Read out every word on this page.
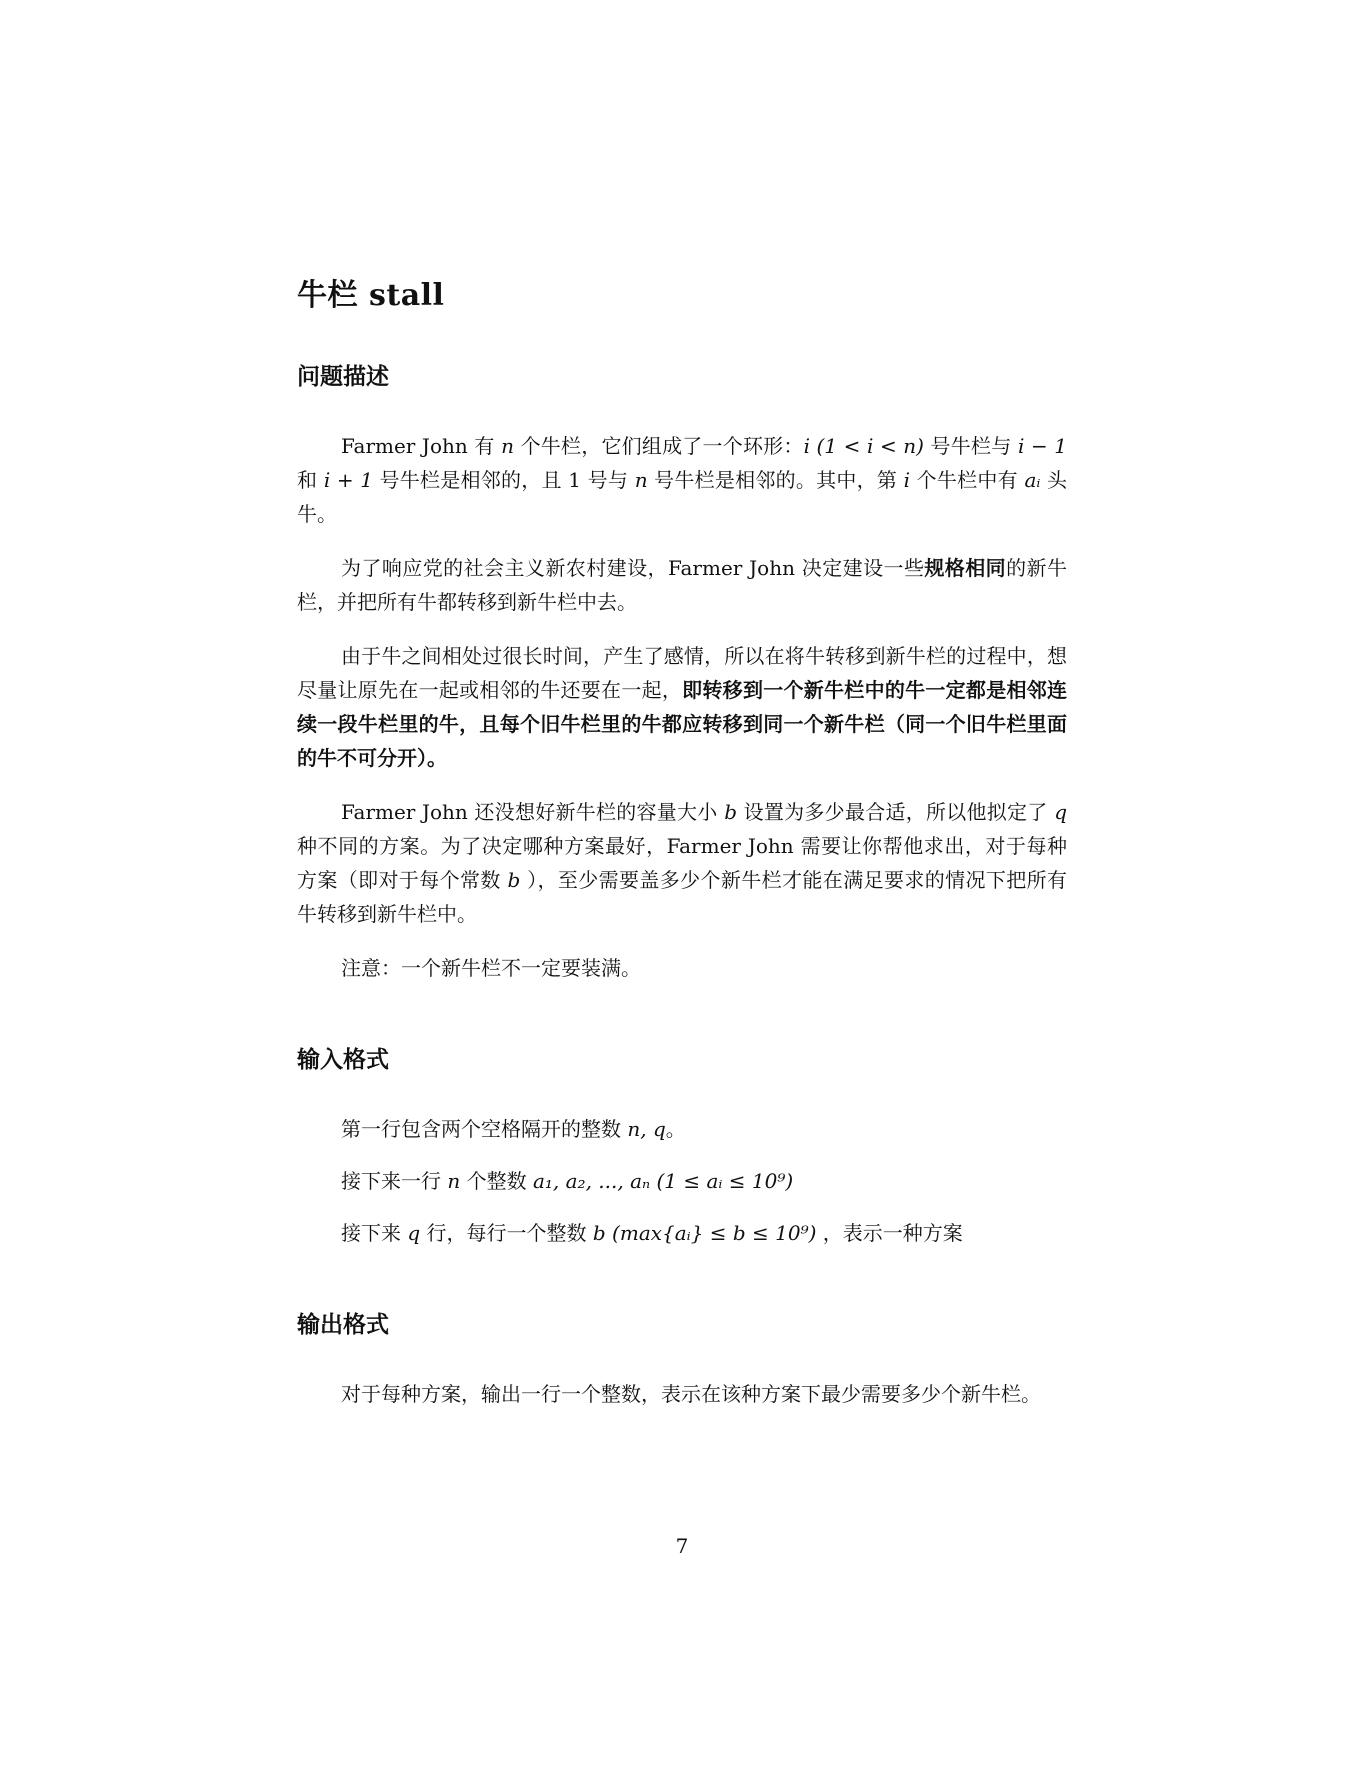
牛栏 stall
问题描述

Farmer John 有 n 个牛栏，它们组成了一个环形：i (1 < i < n) 号牛栏与 i − 1 和 i + 1 号牛栏是相邻的，且 1 号与 n 号牛栏是相邻的。其中，第 i 个牛栏中有 aᵢ 头牛。

为了响应党的社会主义新农村建设，Farmer John 决定建设一些规格相同的新牛栏，并把所有牛都转移到新牛栏中去。

由于牛之间相处过很长时间，产生了感情，所以在将牛转移到新牛栏的过程中，想尽量让原先在一起或相邻的牛还要在一起，即转移到一个新牛栏中的牛一定都是相邻连续一段牛栏里的牛，且每个旧牛栏里的牛都应转移到同一个新牛栏（同一个旧牛栏里面的牛不可分开）。

Farmer John 还没想好新牛栏的容量大小 b 设置为多少最合适，所以他拟定了 q 种不同的方案。为了决定哪种方案最好，Farmer John 需要让你帮他求出，对于每种方案（即对于每个常数 b ），至少需要盖多少个新牛栏才能在满足要求的情况下把所有牛转移到新牛栏中。

注意：一个新牛栏不一定要装满。

输入格式

第一行包含两个空格隔开的整数 n, q。

接下来一行 n 个整数 a₁, a₂, ..., aₙ (1 ≤ aᵢ ≤ 10⁹)

接下来 q 行，每行一个整数 b (max{aᵢ} ≤ b ≤ 10⁹) ，表示一种方案

输出格式

对于每种方案，输出一行一个整数，表示在该种方案下最少需要多少个新牛栏。

7
